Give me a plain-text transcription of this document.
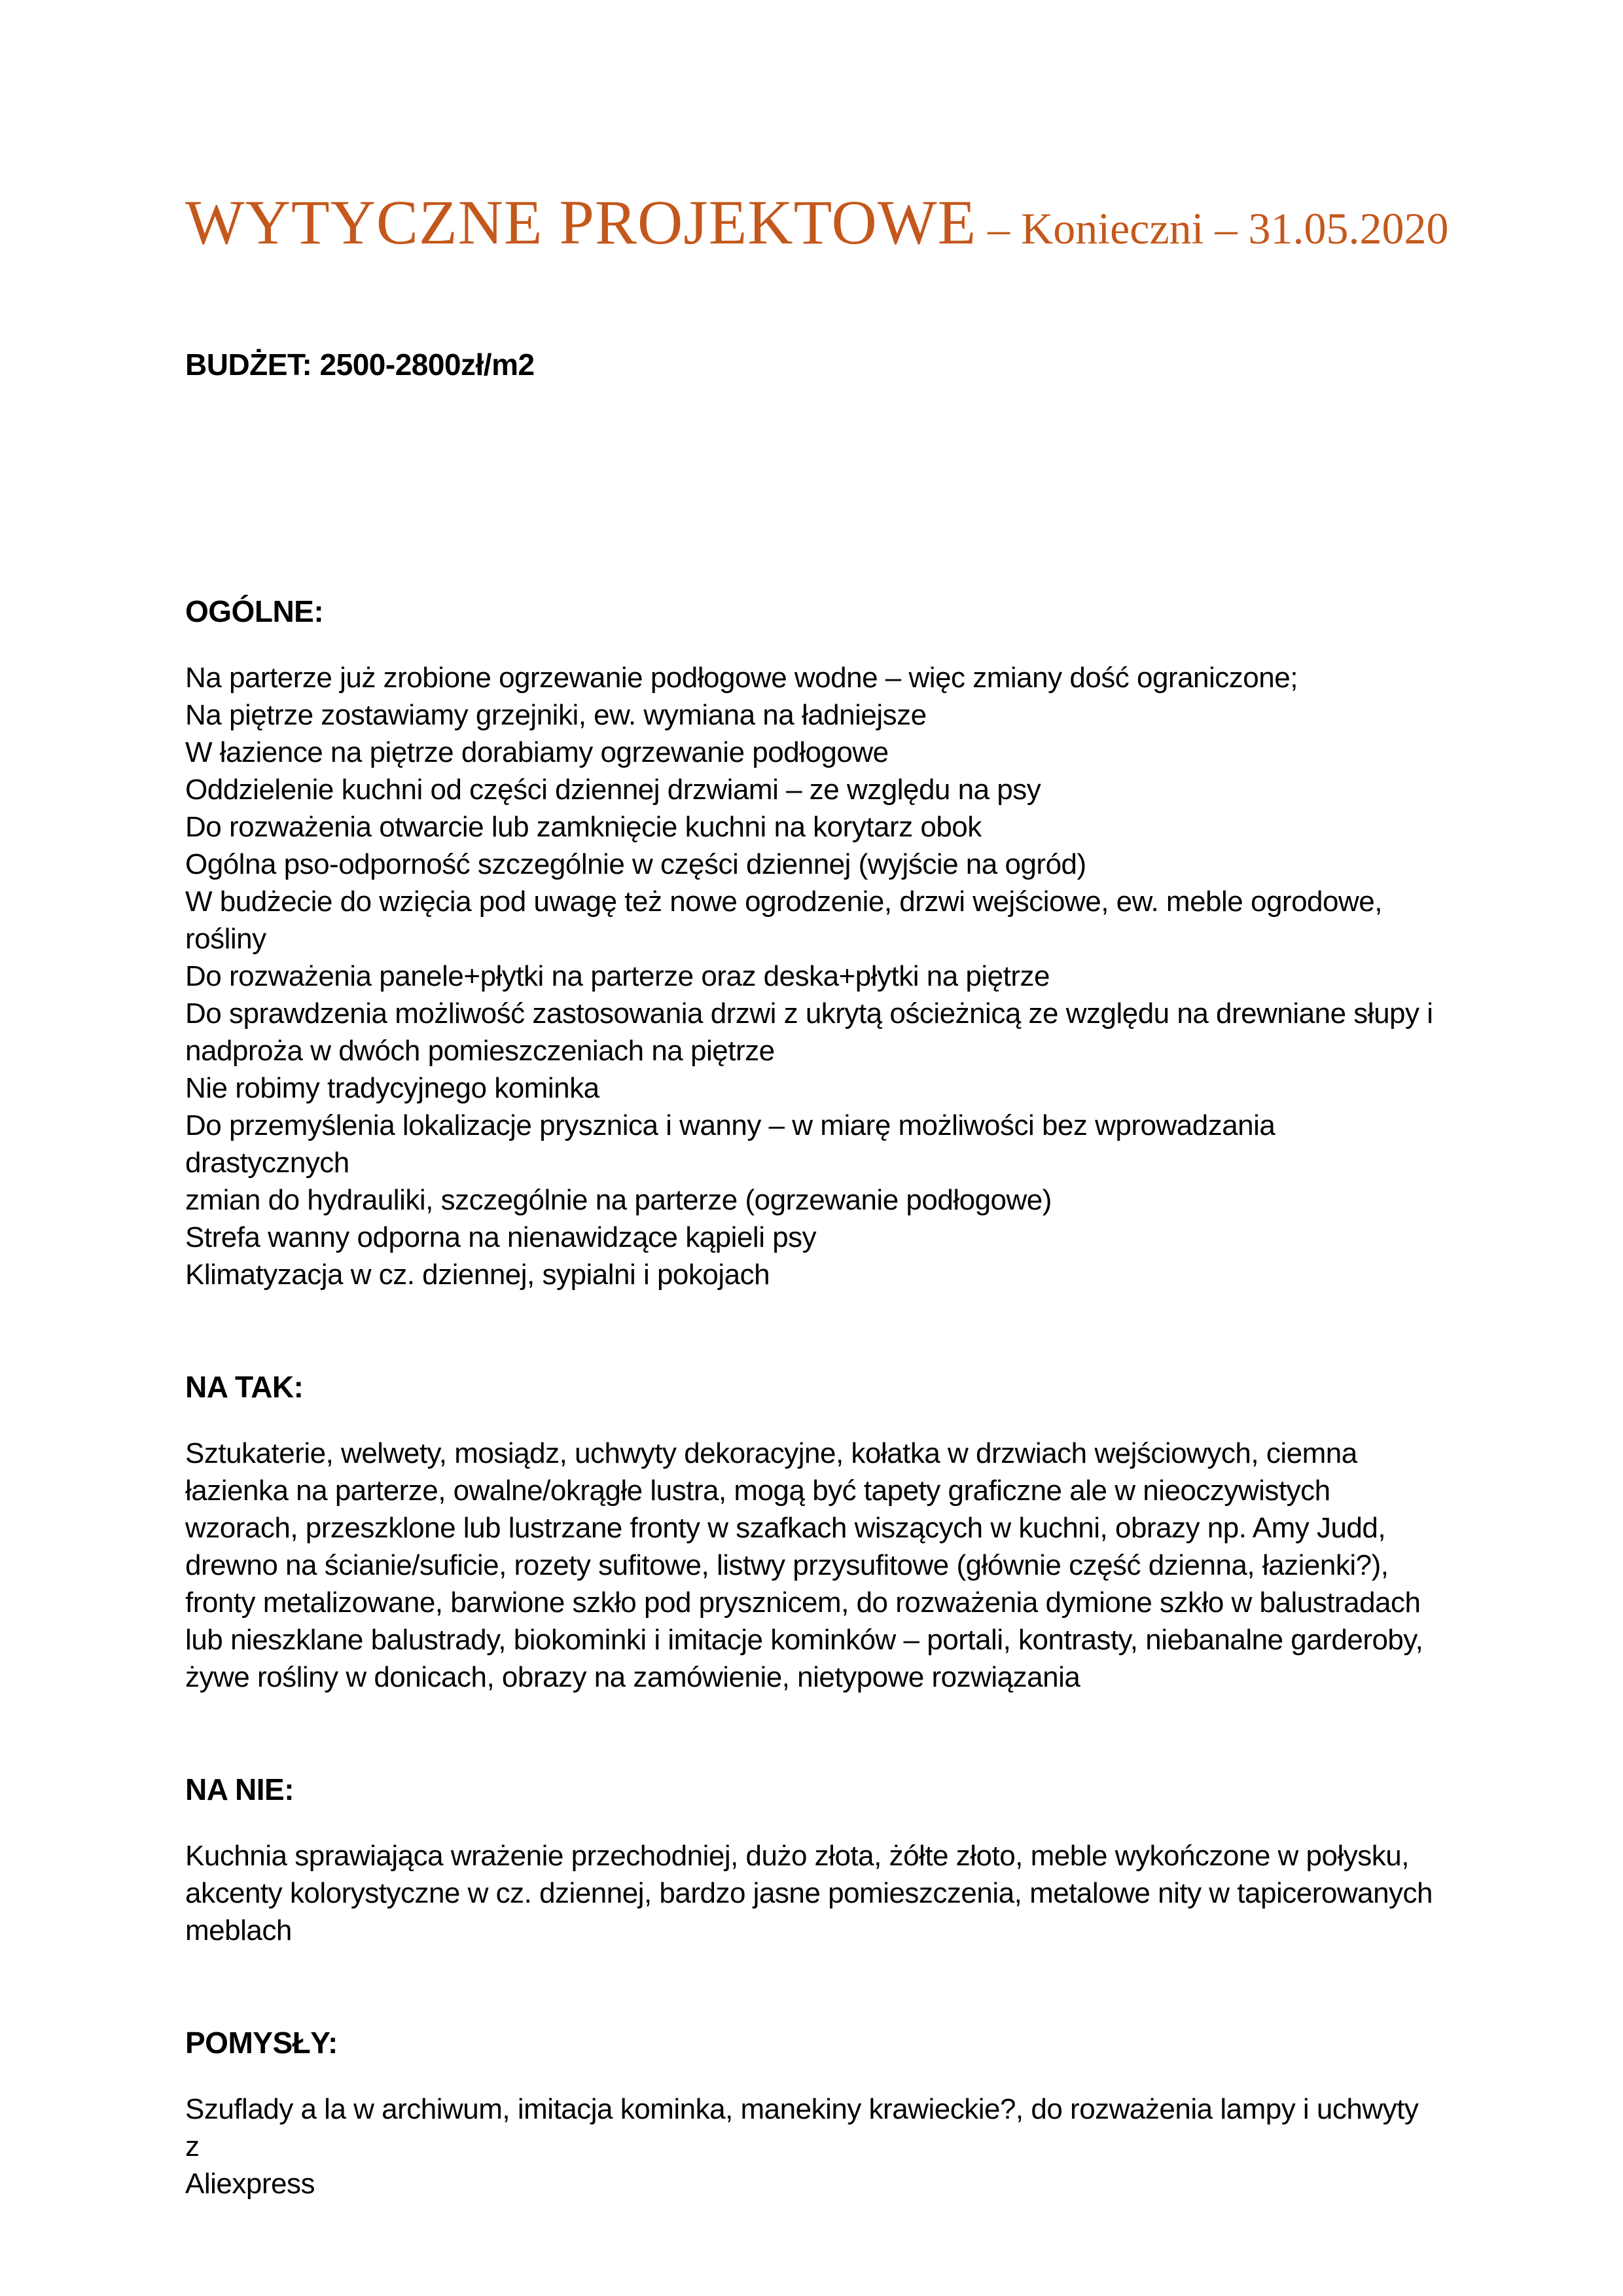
WYTYCZNE PROJEKTOWE – Konieczni – 31.05.2020

BUDŻET: 2500-2800zł/m2

OGÓLNE:

Na parterze już zrobione ogrzewanie podłogowe wodne – więc zmiany dość ograniczone;

Na piętrze zostawiamy grzejniki, ew. wymiana na ładniejsze

W łazience na piętrze dorabiamy ogrzewanie podłogowe

Oddzielenie kuchni od części dziennej drzwiami – ze względu na psy

Do rozważenia otwarcie lub zamknięcie kuchni na korytarz obok

Ogólna pso-odporność szczególnie w części dziennej (wyjście na ogród)

W budżecie do wzięcia pod uwagę też nowe ogrodzenie, drzwi wejściowe, ew. meble ogrodowe,

rośliny

Do rozważenia panele+płytki na parterze oraz deska+płytki na piętrze

Do sprawdzenia możliwość zastosowania drzwi z ukrytą ościeżnicą ze względu na drewniane słupy i

nadproża w dwóch pomieszczeniach na piętrze

Nie robimy tradycyjnego kominka

Do przemyślenia lokalizacje prysznica i wanny – w miarę możliwości bez wprowadzania drastycznych

zmian do hydrauliki, szczególnie na parterze (ogrzewanie podłogowe)

Strefa wanny odporna na nienawidzące kąpieli psy

Klimatyzacja w cz. dziennej, sypialni i pokojach

NA TAK:

Sztukaterie, welwety, mosiądz, uchwyty dekoracyjne, kołatka w drzwiach wejściowych, ciemna

łazienka na parterze, owalne/okrągłe lustra, mogą być tapety graficzne ale w nieoczywistych

wzorach, przeszklone lub lustrzane fronty w szafkach wiszących w kuchni, obrazy np. Amy Judd,

drewno na ścianie/suficie, rozety sufitowe, listwy przysufitowe (głównie część dzienna, łazienki?),

fronty metalizowane, barwione szkło pod prysznicem, do rozważenia dymione szkło w balustradach

lub nieszklane balustrady, biokominki i imitacje kominków – portali, kontrasty, niebanalne garderoby,

żywe rośliny w donicach, obrazy na zamówienie, nietypowe rozwiązania

NA NIE:

Kuchnia sprawiająca wrażenie przechodniej, dużo złota, żółte złoto, meble wykończone w połysku,

akcenty kolorystyczne w cz. dziennej, bardzo jasne pomieszczenia, metalowe nity w tapicerowanych

meblach

POMYSŁY:

Szuflady a la w archiwum, imitacja kominka, manekiny krawieckie?, do rozważenia lampy i uchwyty z

Aliexpress
